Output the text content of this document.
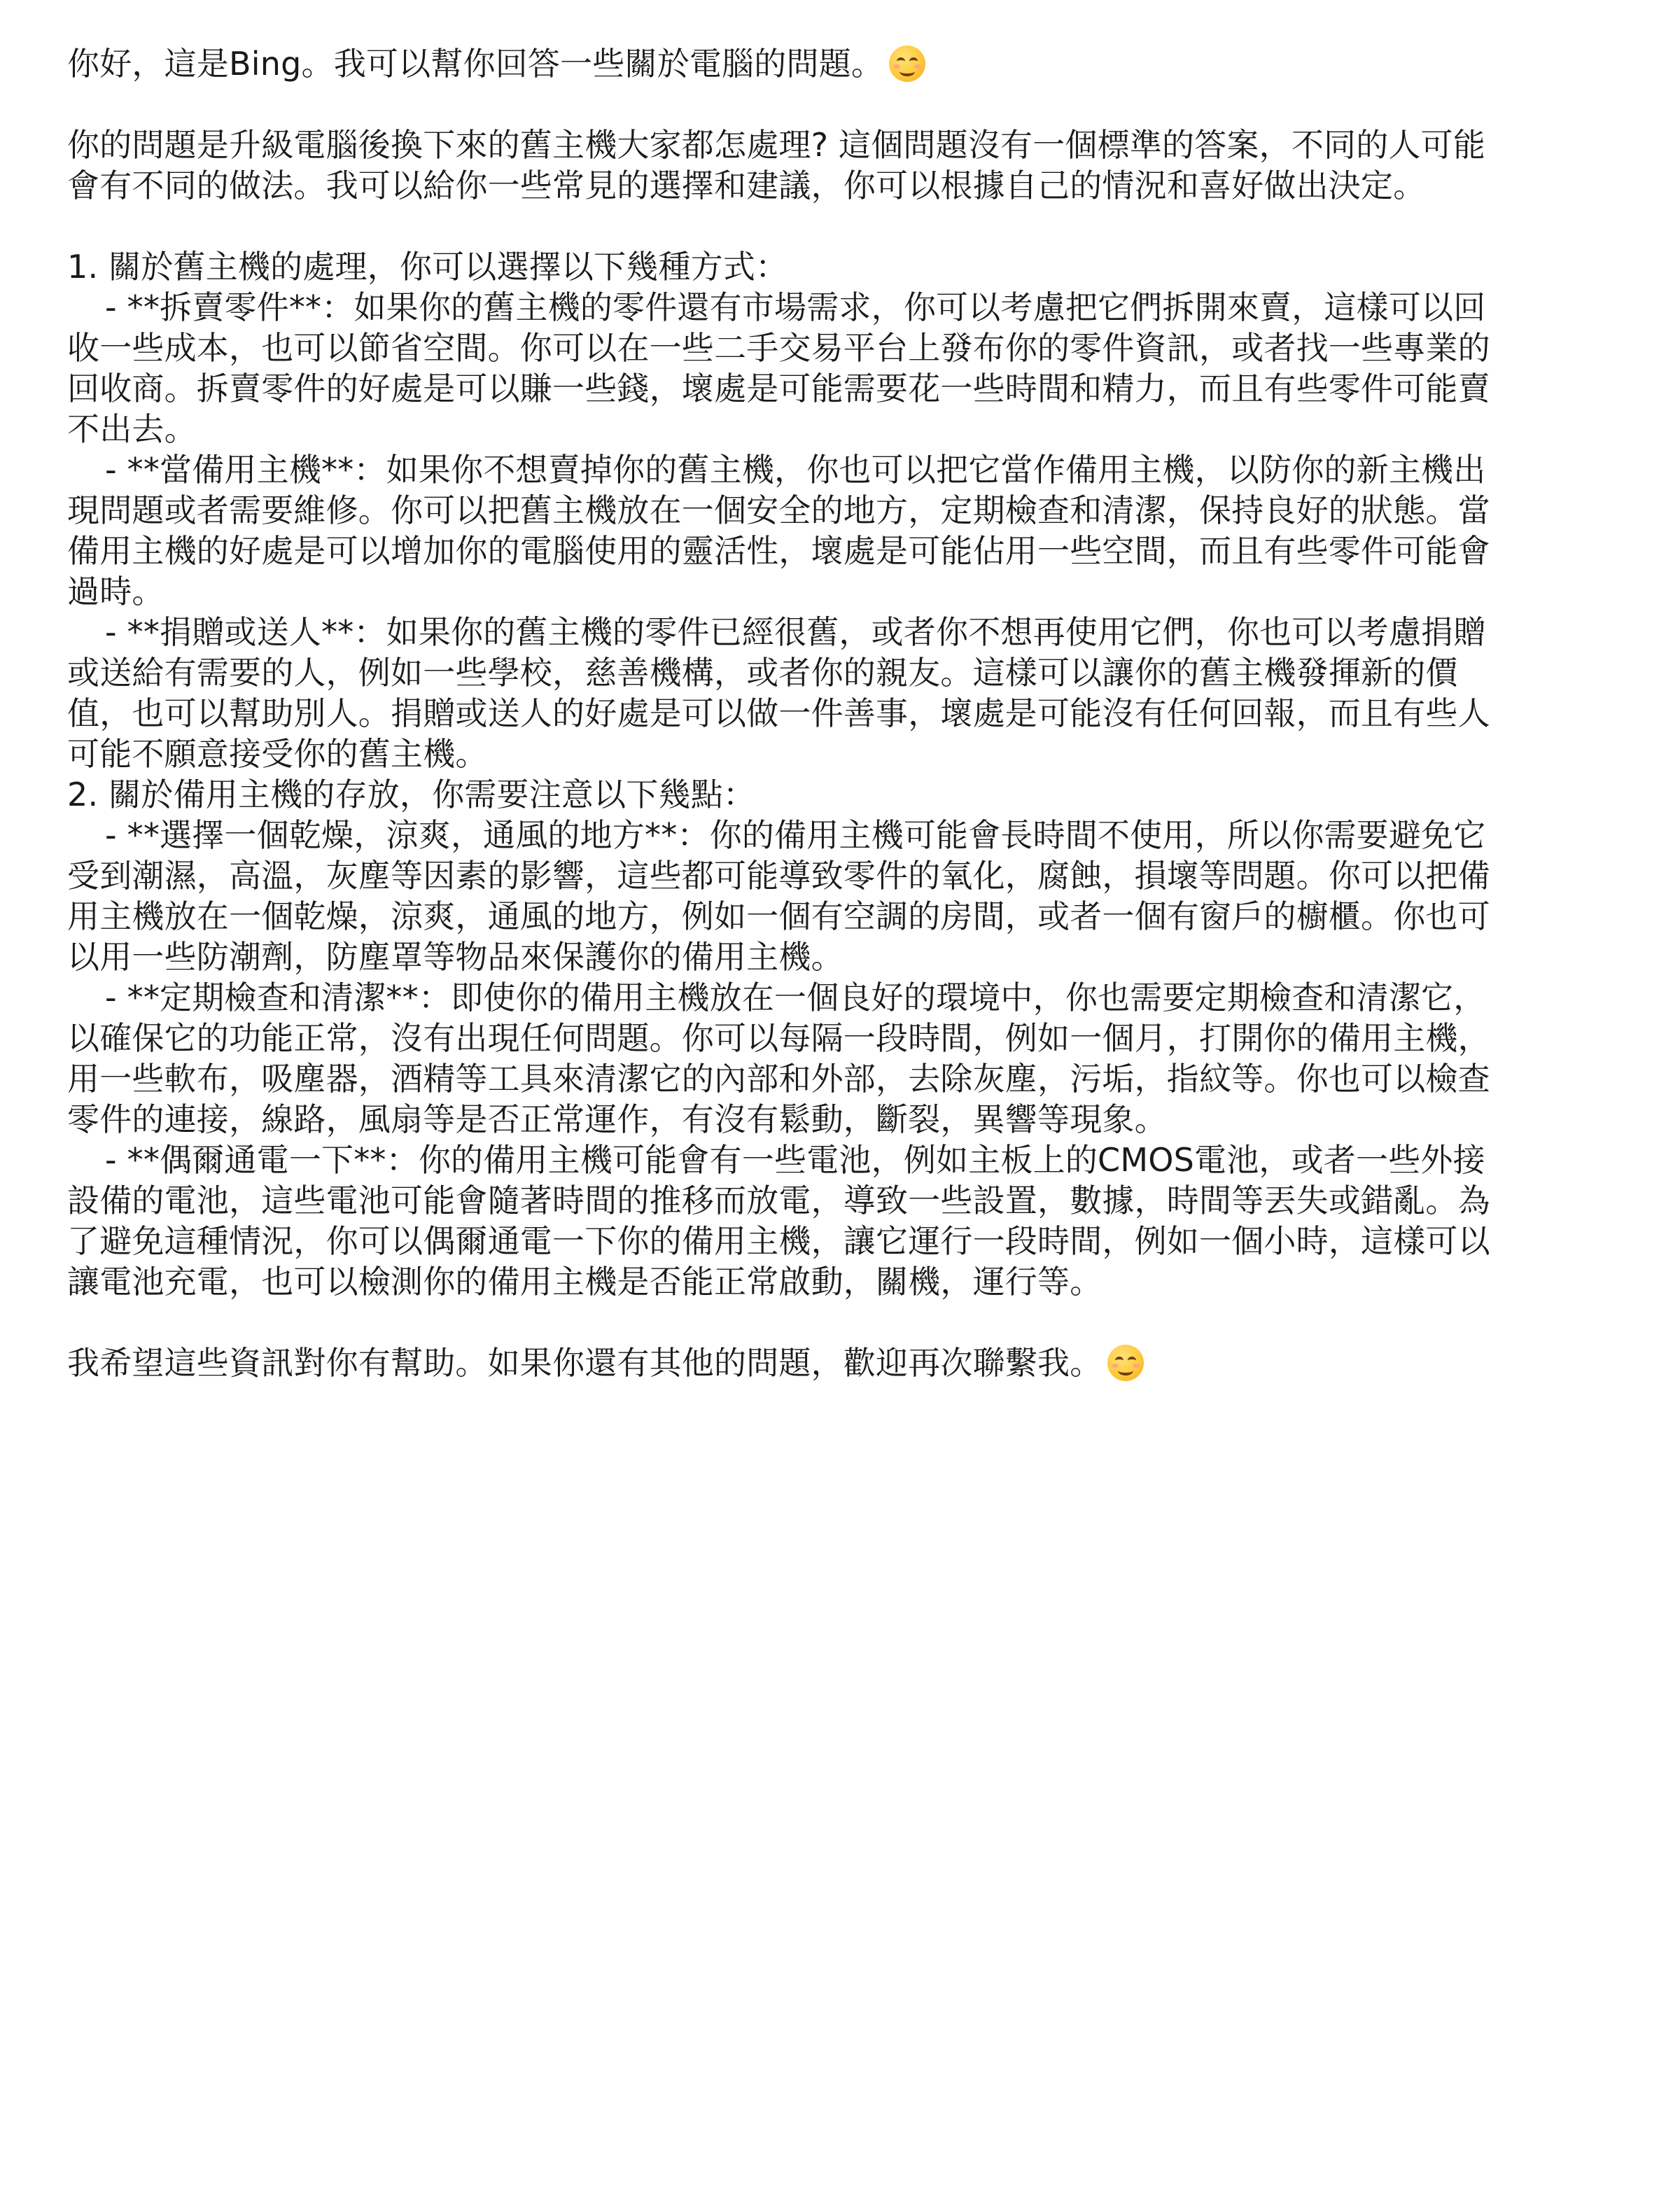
你好，這是Bing。我可以幫你回答一些關於電腦的問題。
你的問題是升級電腦後換下來的舊主機大家都怎處理? 這個問題沒有一個標準的答案，不同的人可能
會有不同的做法。我可以給你一些常見的選擇和建議，你可以根據自己的情況和喜好做出決定。
1. 關於舊主機的處理，你可以選擇以下幾種方式：
- **拆賣零件**：如果你的舊主機的零件還有市場需求，你可以考慮把它們拆開來賣，這樣可以回
收一些成本，也可以節省空間。你可以在一些二手交易平台上發布你的零件資訊，或者找一些專業的
回收商。拆賣零件的好處是可以賺一些錢，壞處是可能需要花一些時間和精力，而且有些零件可能賣
不出去。
- **當備用主機**：如果你不想賣掉你的舊主機，你也可以把它當作備用主機，以防你的新主機出
現問題或者需要維修。你可以把舊主機放在一個安全的地方，定期檢查和清潔，保持良好的狀態。當
備用主機的好處是可以增加你的電腦使用的靈活性，壞處是可能佔用一些空間，而且有些零件可能會
過時。
- **捐贈或送人**：如果你的舊主機的零件已經很舊，或者你不想再使用它們，你也可以考慮捐贈
或送給有需要的人，例如一些學校，慈善機構，或者你的親友。這樣可以讓你的舊主機發揮新的價
值，也可以幫助別人。捐贈或送人的好處是可以做一件善事，壞處是可能沒有任何回報，而且有些人
可能不願意接受你的舊主機。
2. 關於備用主機的存放，你需要注意以下幾點：
- **選擇一個乾燥，涼爽，通風的地方**：你的備用主機可能會長時間不使用，所以你需要避免它
受到潮濕，高溫，灰塵等因素的影響，這些都可能導致零件的氧化，腐蝕，損壞等問題。你可以把備
用主機放在一個乾燥，涼爽，通風的地方，例如一個有空調的房間，或者一個有窗戶的櫥櫃。你也可
以用一些防潮劑，防塵罩等物品來保護你的備用主機。
- **定期檢查和清潔**：即使你的備用主機放在一個良好的環境中，你也需要定期檢查和清潔它，
以確保它的功能正常，沒有出現任何問題。你可以每隔一段時間，例如一個月，打開你的備用主機，
用一些軟布，吸塵器，酒精等工具來清潔它的內部和外部，去除灰塵，污垢，指紋等。你也可以檢查
零件的連接，線路，風扇等是否正常運作，有沒有鬆動，斷裂，異響等現象。
- **偶爾通電一下**：你的備用主機可能會有一些電池，例如主板上的CMOS電池，或者一些外接
設備的電池，這些電池可能會隨著時間的推移而放電，導致一些設置，數據，時間等丟失或錯亂。為
了避免這種情況，你可以偶爾通電一下你的備用主機，讓它運行一段時間，例如一個小時，這樣可以
讓電池充電，也可以檢測你的備用主機是否能正常啟動，關機，運行等。
我希望這些資訊對你有幫助。如果你還有其他的問題，歡迎再次聯繫我。
